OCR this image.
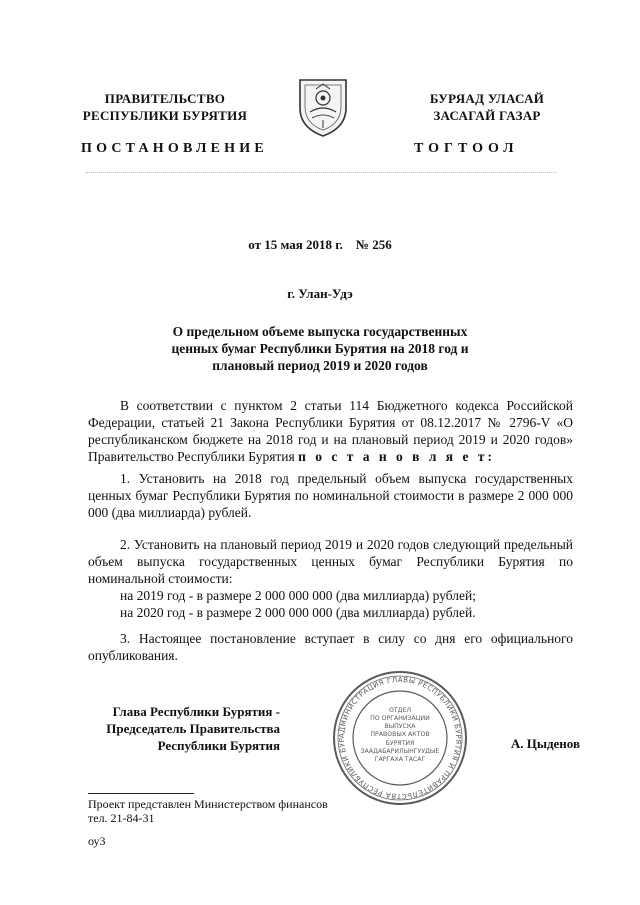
ПРАВИТЕЛЬСТВО
РЕСПУБЛИКИ БУРЯТИЯ
ПОСТАНОВЛЕНИЕ
БУРЯАД УЛАСАЙ
ЗАСАГАЙ ГАЗАР
ТОГТООЛ
от 15 мая 2018 г.    № 256
г. Улан-Удэ
О предельном объеме выпуска государственных
ценных бумаг Республики Бурятия на 2018 год и
плановый период 2019 и 2020 годов
В соответствии с пунктом 2 статьи 114 Бюджетного кодекса Российской Федерации, статьей 21 Закона Республики Бурятия от 08.12.2017 № 2796-V «О республиканском бюджете на 2018 год и на плановый период 2019 и 2020 годов» Правительство Республики Бурятия п о с т а н о в л я е т:
1. Установить на 2018 год предельный объем выпуска государственных ценных бумаг Республики Бурятия по номинальной стоимости в размере 2 000 000 000 (два миллиарда) рублей.
2. Установить на плановый период 2019 и 2020 годов следующий предельный объем выпуска государственных ценных бумаг Республики Бурятия по номинальной стоимости:
на 2019 год - в размере 2 000 000 000 (два миллиарда) рублей;
на 2020 год - в размере 2 000 000 000 (два миллиарда) рублей.
3. Настоящее постановление вступает в силу со дня его официального опубликования.
Глава Республики Бурятия -
Председатель Правительства
Республики Бурятия
АДМИНИСТРАЦИЯ ГЛАВЫ РЕСПУБЛИКИ БУРЯТИЯ И ПРАВИТЕЛЬСТВА РЕСПУБЛИКИ БУР
ОТДЕЛ
ПО ОРГАНИЗАЦИИ
ВЫПУСКА
ПРАВОВЫХ АКТОВ
БУРЯТИЯ
ЗААДАБАРИЛЫНГУУДЫЕ
ГАРГАХА ТАСАГ
А. Цыденов
Проект представлен Министерством финансов
тел. 21-84-31
оу3
